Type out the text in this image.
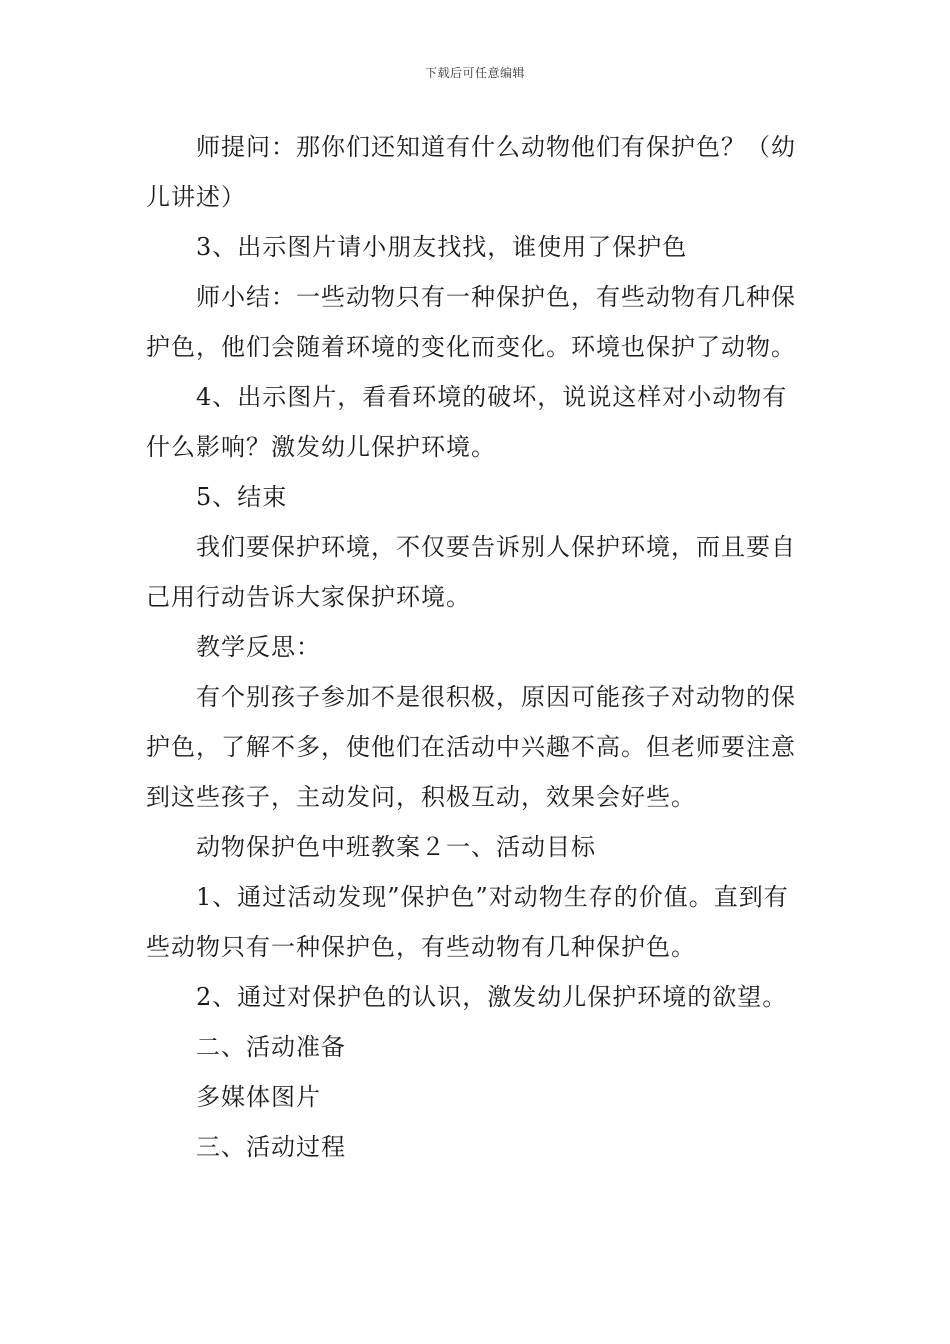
下载后可任意编辑

师提问：那你们还知道有什么动物他们有保护色？（幼儿讲述）

3、出示图片请小朋友找找，谁使用了保护色

师小结：一些动物只有一种保护色，有些动物有几种保护色，他们会随着环境的变化而变化。环境也保护了动物。

4、出示图片，看看环境的破坏，说说这样对小动物有什么影响？激发幼儿保护环境。

5、结束

我们要保护环境，不仅要告诉别人保护环境，而且要自己用行动告诉大家保护环境。

教学反思：

有个别孩子参加不是很积极，原因可能孩子对动物的保护色，了解不多，使他们在活动中兴趣不高。但老师要注意到这些孩子，主动发问，积极互动，效果会好些。

动物保护色中班教案２一、活动目标

1、通过活动发现”保护色”对动物生存的价值。直到有些动物只有一种保护色，有些动物有几种保护色。

2、通过对保护色的认识，激发幼儿保护环境的欲望。

二、活动准备

多媒体图片

三、活动过程
